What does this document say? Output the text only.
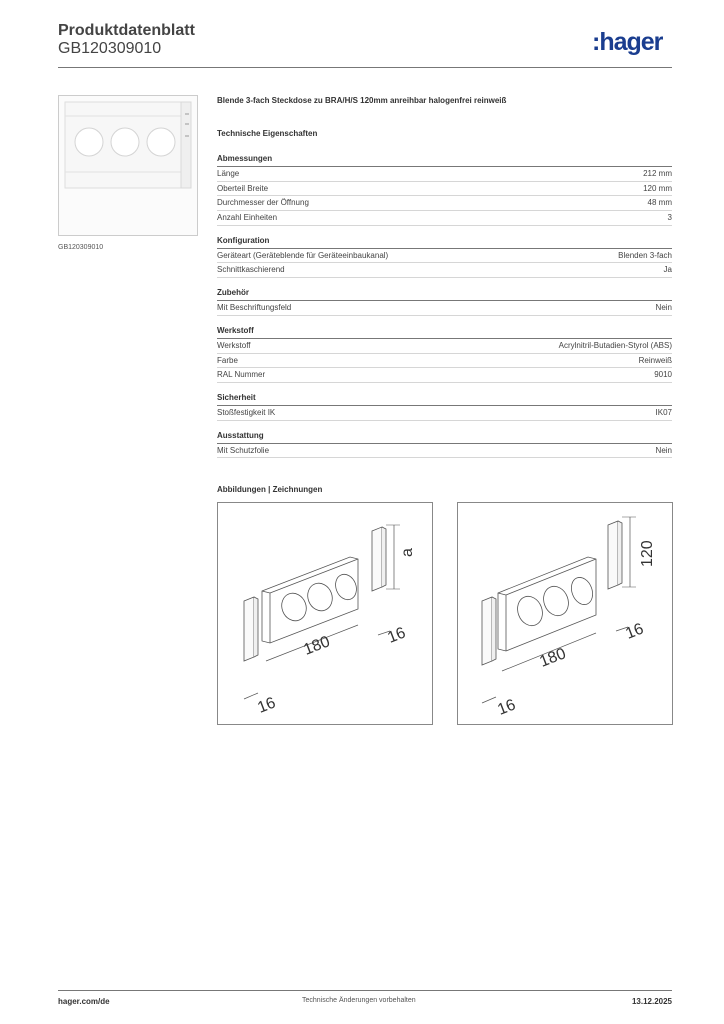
Produktdatenblatt
GB120309010	:hager
GB120309010
Blende 3-fach Steckdose zu BRA/H/S 120mm anreihbar halogenfrei reinweiß
Technische Eigenschaften
Abmessungen
Länge	212 mm
Oberteil Breite	120 mm
Durchmesser der Öffnung	48 mm
Anzahl Einheiten	3
Konfiguration
Geräteart (Geräteblende für Geräteeinbaukanal)	Blenden 3-fach
Schnittkaschierend	Ja
Zubehör
Mit Beschriftungsfeld	Nein
Werkstoff
Werkstoff	Acrylnitril-Butadien-Styrol (ABS)
Farbe	Reinweiß
RAL Nummer	9010
Sicherheit
Stoßfestigkeit IK	IK07
Ausstattung
Mit Schutzfolie	Nein
Abbildungen | Zeichnungen
180
16
16
a
180
16
16
120
hager.com/de	Technische Änderungen vorbehalten	13.12.2025
